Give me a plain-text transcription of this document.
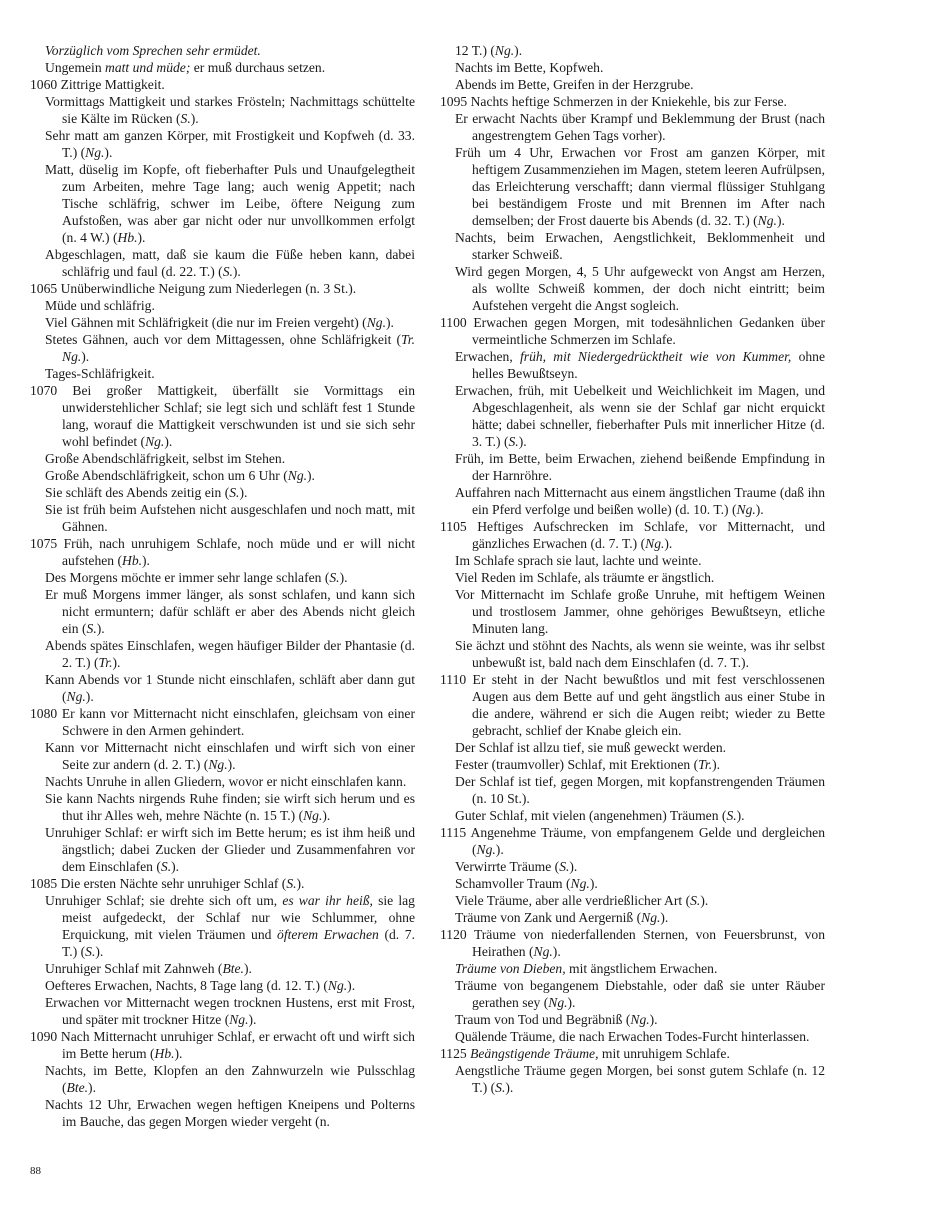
Vorzüglich vom Sprechen sehr ermüdet.

Ungemein matt und müde; er muß durchaus setzen.

1060 Zittrige Mattigkeit.

Vormittags Mattigkeit und starkes Frösteln; Nachmittags schüttelte sie Kälte im Rücken (S.).

Sehr matt am ganzen Körper, mit Frostigkeit und Kopfweh (d. 33. T.) (Ng.).

Matt, düselig im Kopfe, oft fieberhafter Puls und Unaufgelegtheit zum Arbeiten, mehre Tage lang; auch wenig Appetit; nach Tische schläfrig, schwer im Leibe, öftere Neigung zum Aufstoßen, was aber gar nicht oder nur unvollkommen erfolgt (n. 4 W.) (Hb.).

Abgeschlagen, matt, daß sie kaum die Füße heben kann, dabei schläfrig und faul (d. 22. T.) (S.).

1065 Unüberwindliche Neigung zum Niederlegen (n. 3 St.).

Müde und schläfrig.

Viel Gähnen mit Schläfrigkeit (die nur im Freien vergeht) (Ng.).

Stetes Gähnen, auch vor dem Mittagessen, ohne Schläfrigkeit (Tr. Ng.).

Tages-Schläfrigkeit.

1070 Bei großer Mattigkeit, überfällt sie Vormittags ein unwiderstehlicher Schlaf; sie legt sich und schläft fest 1 Stunde lang, worauf die Mattigkeit verschwunden ist und sie sich sehr wohl befindet (Ng.).

Große Abendschläfrigkeit, selbst im Stehen.

Große Abendschläfrigkeit, schon um 6 Uhr (Ng.).

Sie schläft des Abends zeitig ein (S.).

Sie ist früh beim Aufstehen nicht ausgeschlafen und noch matt, mit Gähnen.

1075 Früh, nach unruhigem Schlafe, noch müde und er will nicht aufstehen (Hb.).

Des Morgens möchte er immer sehr lange schlafen (S.).

Er muß Morgens immer länger, als sonst schlafen, und kann sich nicht ermuntern; dafür schläft er aber des Abends nicht gleich ein (S.).

Abends spätes Einschlafen, wegen häufiger Bilder der Phantasie (d. 2. T.) (Tr.).

Kann Abends vor 1 Stunde nicht einschlafen, schläft aber dann gut (Ng.).

1080 Er kann vor Mitternacht nicht einschlafen, gleichsam von einer Schwere in den Armen gehindert.

Kann vor Mitternacht nicht einschlafen und wirft sich von einer Seite zur andern (d. 2. T.) (Ng.).

Nachts Unruhe in allen Gliedern, wovor er nicht einschlafen kann.

Sie kann Nachts nirgends Ruhe finden; sie wirft sich herum und es thut ihr Alles weh, mehre Nächte (n. 15 T.) (Ng.).

Unruhiger Schlaf: er wirft sich im Bette herum; es ist ihm heiß und ängstlich; dabei Zucken der Glieder und Zusammenfahren vor dem Einschlafen (S.).

1085 Die ersten Nächte sehr unruhiger Schlaf (S.).

Unruhiger Schlaf; sie drehte sich oft um, es war ihr heiß, sie lag meist aufgedeckt, der Schlaf nur wie Schlummer, ohne Erquickung, mit vielen Träumen und öfterem Erwachen (d. 7. T.) (S.).

Unruhiger Schlaf mit Zahnweh (Bte.).

Oefteres Erwachen, Nachts, 8 Tage lang (d. 12. T.) (Ng.).

Erwachen vor Mitternacht wegen trocknen Hustens, erst mit Frost, und später mit trockner Hitze (Ng.).

1090 Nach Mitternacht unruhiger Schlaf, er erwacht oft und wirft sich im Bette herum (Hb.).

Nachts, im Bette, Klopfen an den Zahnwurzeln wie Pulsschlag (Bte.).

Nachts 12 Uhr, Erwachen wegen heftigen Kneipens und Polterns im Bauche, das gegen Morgen wieder vergeht (n.

12 T.) (Ng.).

Nachts im Bette, Kopfweh.

Abends im Bette, Greifen in der Herzgrube.

1095 Nachts heftige Schmerzen in der Kniekehle, bis zur Ferse.

Er erwacht Nachts über Krampf und Beklemmung der Brust (nach angestrengtem Gehen Tags vorher).

Früh um 4 Uhr, Erwachen vor Frost am ganzen Körper, mit heftigem Zusammenziehen im Magen, stetem leeren Aufrülpsen, das Erleichterung verschafft; dann viermal flüssiger Stuhlgang bei beständigem Froste und mit Brennen im After nach demselben; der Frost dauerte bis Abends (d. 32. T.) (Ng.).

Nachts, beim Erwachen, Aengstlichkeit, Beklommenheit und starker Schweiß.

Wird gegen Morgen, 4, 5 Uhr aufgeweckt von Angst am Herzen, als wollte Schweiß kommen, der doch nicht eintritt; beim Aufstehen vergeht die Angst sogleich.

1100 Erwachen gegen Morgen, mit todesähnlichen Gedanken über vermeintliche Schmerzen im Schlafe.

Erwachen, früh, mit Niedergedrücktheit wie von Kummer, ohne helles Bewußtseyn.

Erwachen, früh, mit Uebelkeit und Weichlichkeit im Magen, und Abgeschlagenheit, als wenn sie der Schlaf gar nicht erquickt hätte; dabei schneller, fieberhafter Puls mit innerlicher Hitze (d. 3. T.) (S.).

Früh, im Bette, beim Erwachen, ziehend beißende Empfindung in der Harnröhre.

Auffahren nach Mitternacht aus einem ängstlichen Traume (daß ihn ein Pferd verfolge und beißen wolle) (d. 10. T.) (Ng.).

1105 Heftiges Aufschrecken im Schlafe, vor Mitternacht, und gänzliches Erwachen (d. 7. T.) (Ng.).

Im Schlafe sprach sie laut, lachte und weinte.

Viel Reden im Schlafe, als träumte er ängstlich.

Vor Mitternacht im Schlafe große Unruhe, mit heftigem Weinen und trostlosem Jammer, ohne gehöriges Bewußtseyn, etliche Minuten lang.

Sie ächzt und stöhnt des Nachts, als wenn sie weinte, was ihr selbst unbewußt ist, bald nach dem Einschlafen (d. 7. T.).

1110 Er steht in der Nacht bewußtlos und mit fest verschlossenen Augen aus dem Bette auf und geht ängstlich aus einer Stube in die andere, während er sich die Augen reibt; wieder zu Bette gebracht, schlief der Knabe gleich ein.

Der Schlaf ist allzu tief, sie muß geweckt werden.

Fester (traumvoller) Schlaf, mit Erektionen (Tr.).

Der Schlaf ist tief, gegen Morgen, mit kopfanstrengenden Träumen (n. 10 St.).

Guter Schlaf, mit vielen (angenehmen) Träumen (S.).

1115 Angenehme Träume, von empfangenem Gelde und dergleichen (Ng.).

Verwirrte Träume (S.).

Schamvoller Traum (Ng.).

Viele Träume, aber alle verdrießlicher Art (S.).

Träume von Zank und Aergerniß (Ng.).

1120 Träume von niederfallenden Sternen, von Feuersbrunst, von Heirathen (Ng.).

Träume von Dieben, mit ängstlichem Erwachen.

Träume von begangenem Diebstahle, oder daß sie unter Räuber gerathen sey (Ng.).

Traum von Tod und Begräbniß (Ng.).

Quälende Träume, die nach Erwachen Todes-Furcht hinterlassen.

1125 Beängstigende Träume, mit unruhigem Schlafe.

Aengstliche Träume gegen Morgen, bei sonst gutem Schlafe (n. 12 T.) (S.).

88
